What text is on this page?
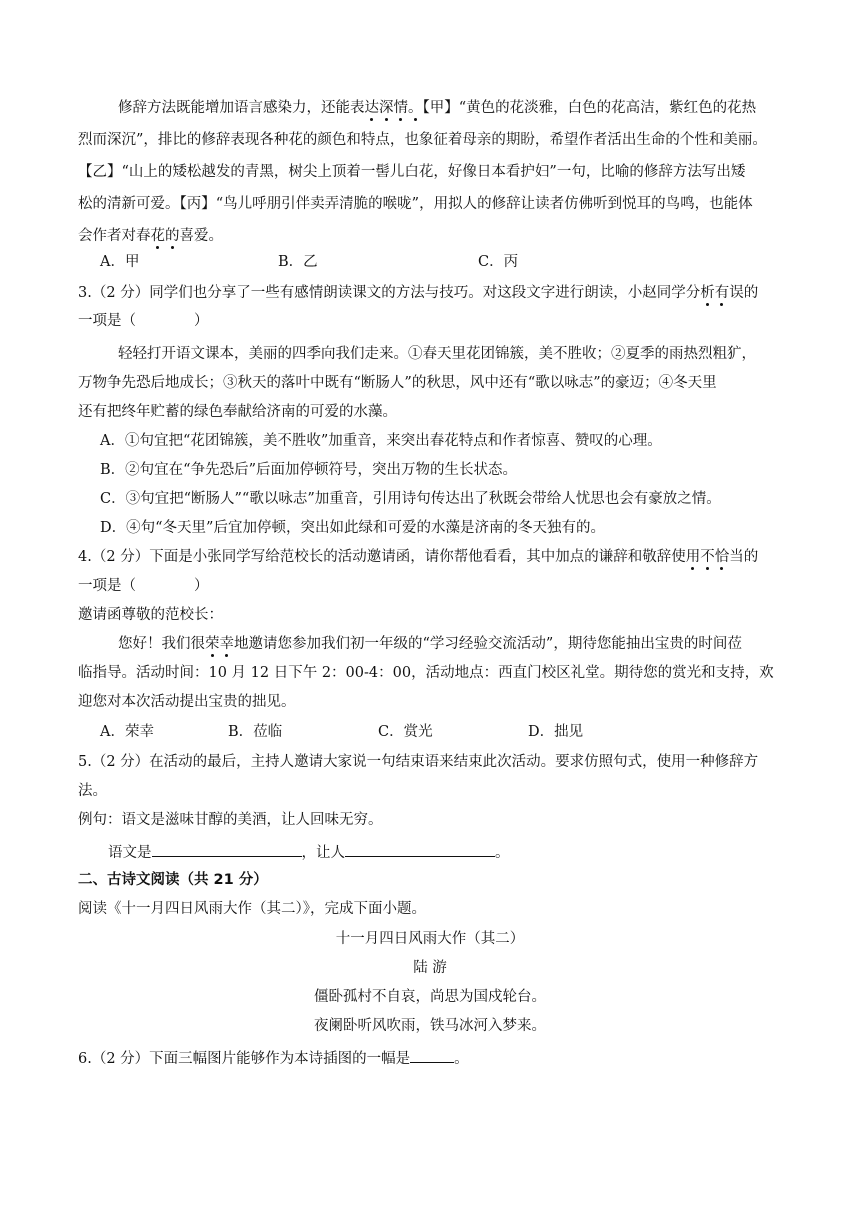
修辞方法既能增加语言感染力，还能表达深情。【甲】“黄色的花淡雅，白色的花高洁，紫红色的花热
烈而深沉”，排比的修辞表现各种花的颜色和特点，也象征着母亲的期盼，希望作者活出生命的个性和美丽。
【乙】“山上的矮松越发的青黑，树尖上顶着一髻儿白花，好像日本看护妇”一句，比喻的修辞方法写出矮
松的清新可爱。【丙】“鸟儿呼朋引伴卖弄清脆的喉咙”，用拟人的修辞让读者仿佛听到悦耳的鸟鸣，也能体
会作者对春花的喜爱。
A．甲	B．乙	C．丙
3.（2 分）同学们也分享了一些有感情朗读课文的方法与技巧。对这段文字进行朗读，小赵同学分析有误的
一项是（　　　　）
轻轻打开语文课本，美丽的四季向我们走来。①春天里花团锦簇，美不胜收；②夏季的雨热烈粗犷，
万物争先恐后地成长；③秋天的落叶中既有“断肠人”的秋思，风中还有“歌以咏志”的豪迈；④冬天里
还有把终年贮蓄的绿色奉献给济南的可爱的水藻。
A．①句宜把“花团锦簇，美不胜收”加重音，来突出春花特点和作者惊喜、赞叹的心理。
B．②句宜在“争先恐后”后面加停顿符号，突出万物的生长状态。
C．③句宜把“断肠人”“歌以咏志”加重音，引用诗句传达出了秋既会带给人忧思也会有豪放之情。
D．④句“冬天里”后宜加停顿，突出如此绿和可爱的水藻是济南的冬天独有的。
4.（2 分）下面是小张同学写给范校长的活动邀请函，请你帮他看看，其中加点的谦辞和敬辞使用不恰当的
一项是（　　　　）
邀请函尊敬的范校长：
您好！我们很荣幸地邀请您参加我们初一年级的“学习经验交流活动”，期待您能抽出宝贵的时间莅
临指导。活动时间：10 月 12 日下午 2：00-4：00，活动地点：西直门校区礼堂。期待您的赏光和支持，欢
迎您对本次活动提出宝贵的拙见。
A．荣幸	B．莅临	C．赏光	D．拙见
5.（2 分）在活动的最后，主持人邀请大家说一句结束语来结束此次活动。要求仿照句式，使用一种修辞方
法。
例句：语文是滋味甘醇的美酒，让人回味无穷。
语文是	，让人	。
二、古诗文阅读（共 21 分）
阅读《十一月四日风雨大作（其二）》，完成下面小题。
十一月四日风雨大作（其二）
陆 游
僵卧孤村不自哀，尚思为国戍轮台。
夜阑卧听风吹雨，铁马冰河入梦来。
6.（2 分）下面三幅图片能够作为本诗插图的一幅是	。
